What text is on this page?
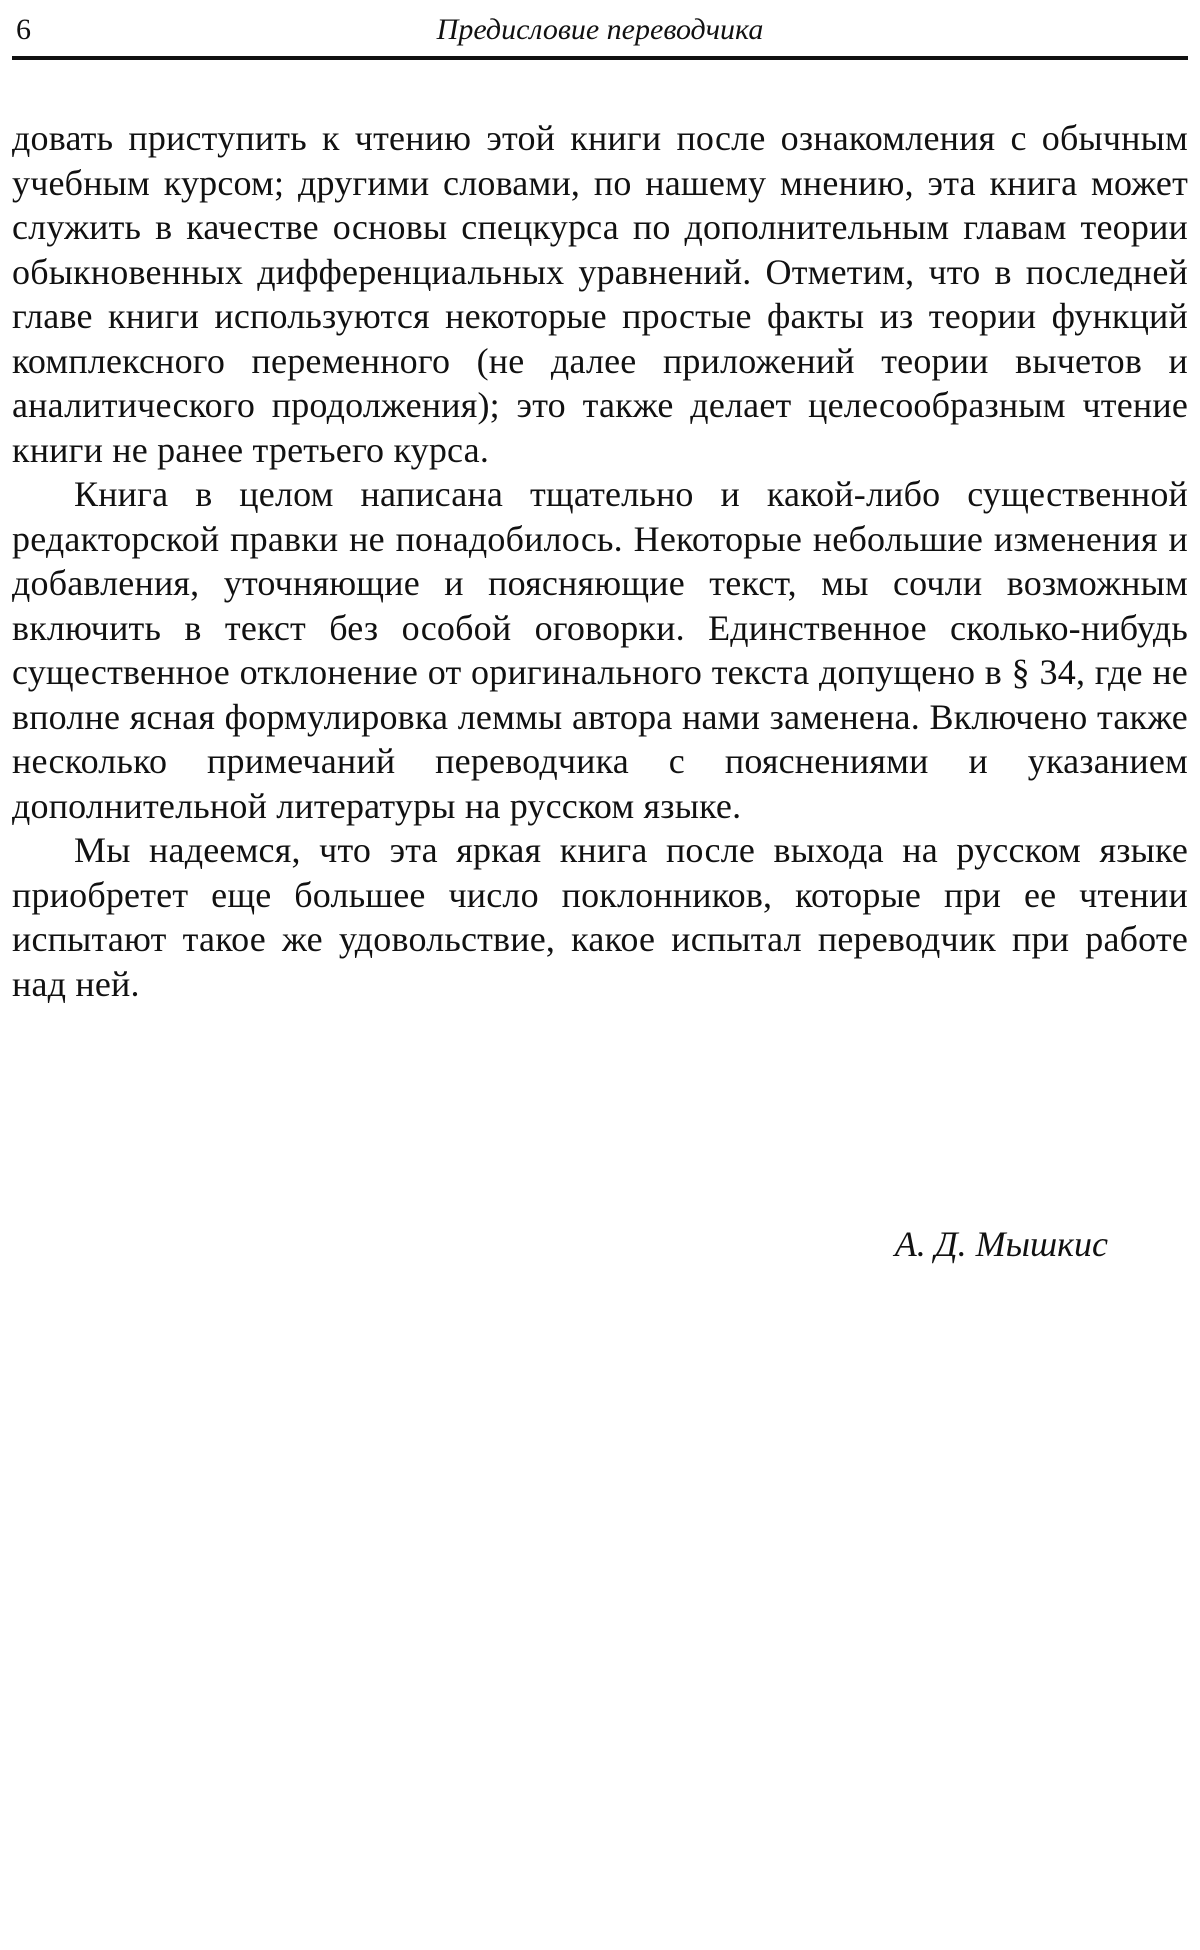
6	Предисловие переводчика

довать приступить к чтению этой книги после ознакомления с обычным учебным курсом; другими словами, по нашему мнению, эта книга может служить в качестве основы спецкурса по дополнительным главам теории обыкновенных дифференциальных уравнений. Отметим, что в последней главе книги используются некоторые простые факты из теории функций комплексного переменного (не далее приложений теории вычетов и аналитического продолжения); это также делает целесообразным чтение книги не ранее третьего курса.

Книга в целом написана тщательно и какой-либо существенной редакторской правки не понадобилось. Некоторые небольшие изменения и добавления, уточняющие и поясняющие текст, мы сочли возможным включить в текст без особой оговорки. Единственное сколько-нибудь существенное отклонение от оригинального текста допущено в § 34, где не вполне ясная формулировка леммы автора нами заменена. Включено также несколько примечаний переводчика с пояснениями и указанием дополнительной литературы на русском языке.

Мы надеемся, что эта яркая книга после выхода на русском языке приобретет еще большее число поклонников, которые при ее чтении испытают такое же удовольствие, какое испытал переводчик при работе над ней.

А. Д. Мышкис
